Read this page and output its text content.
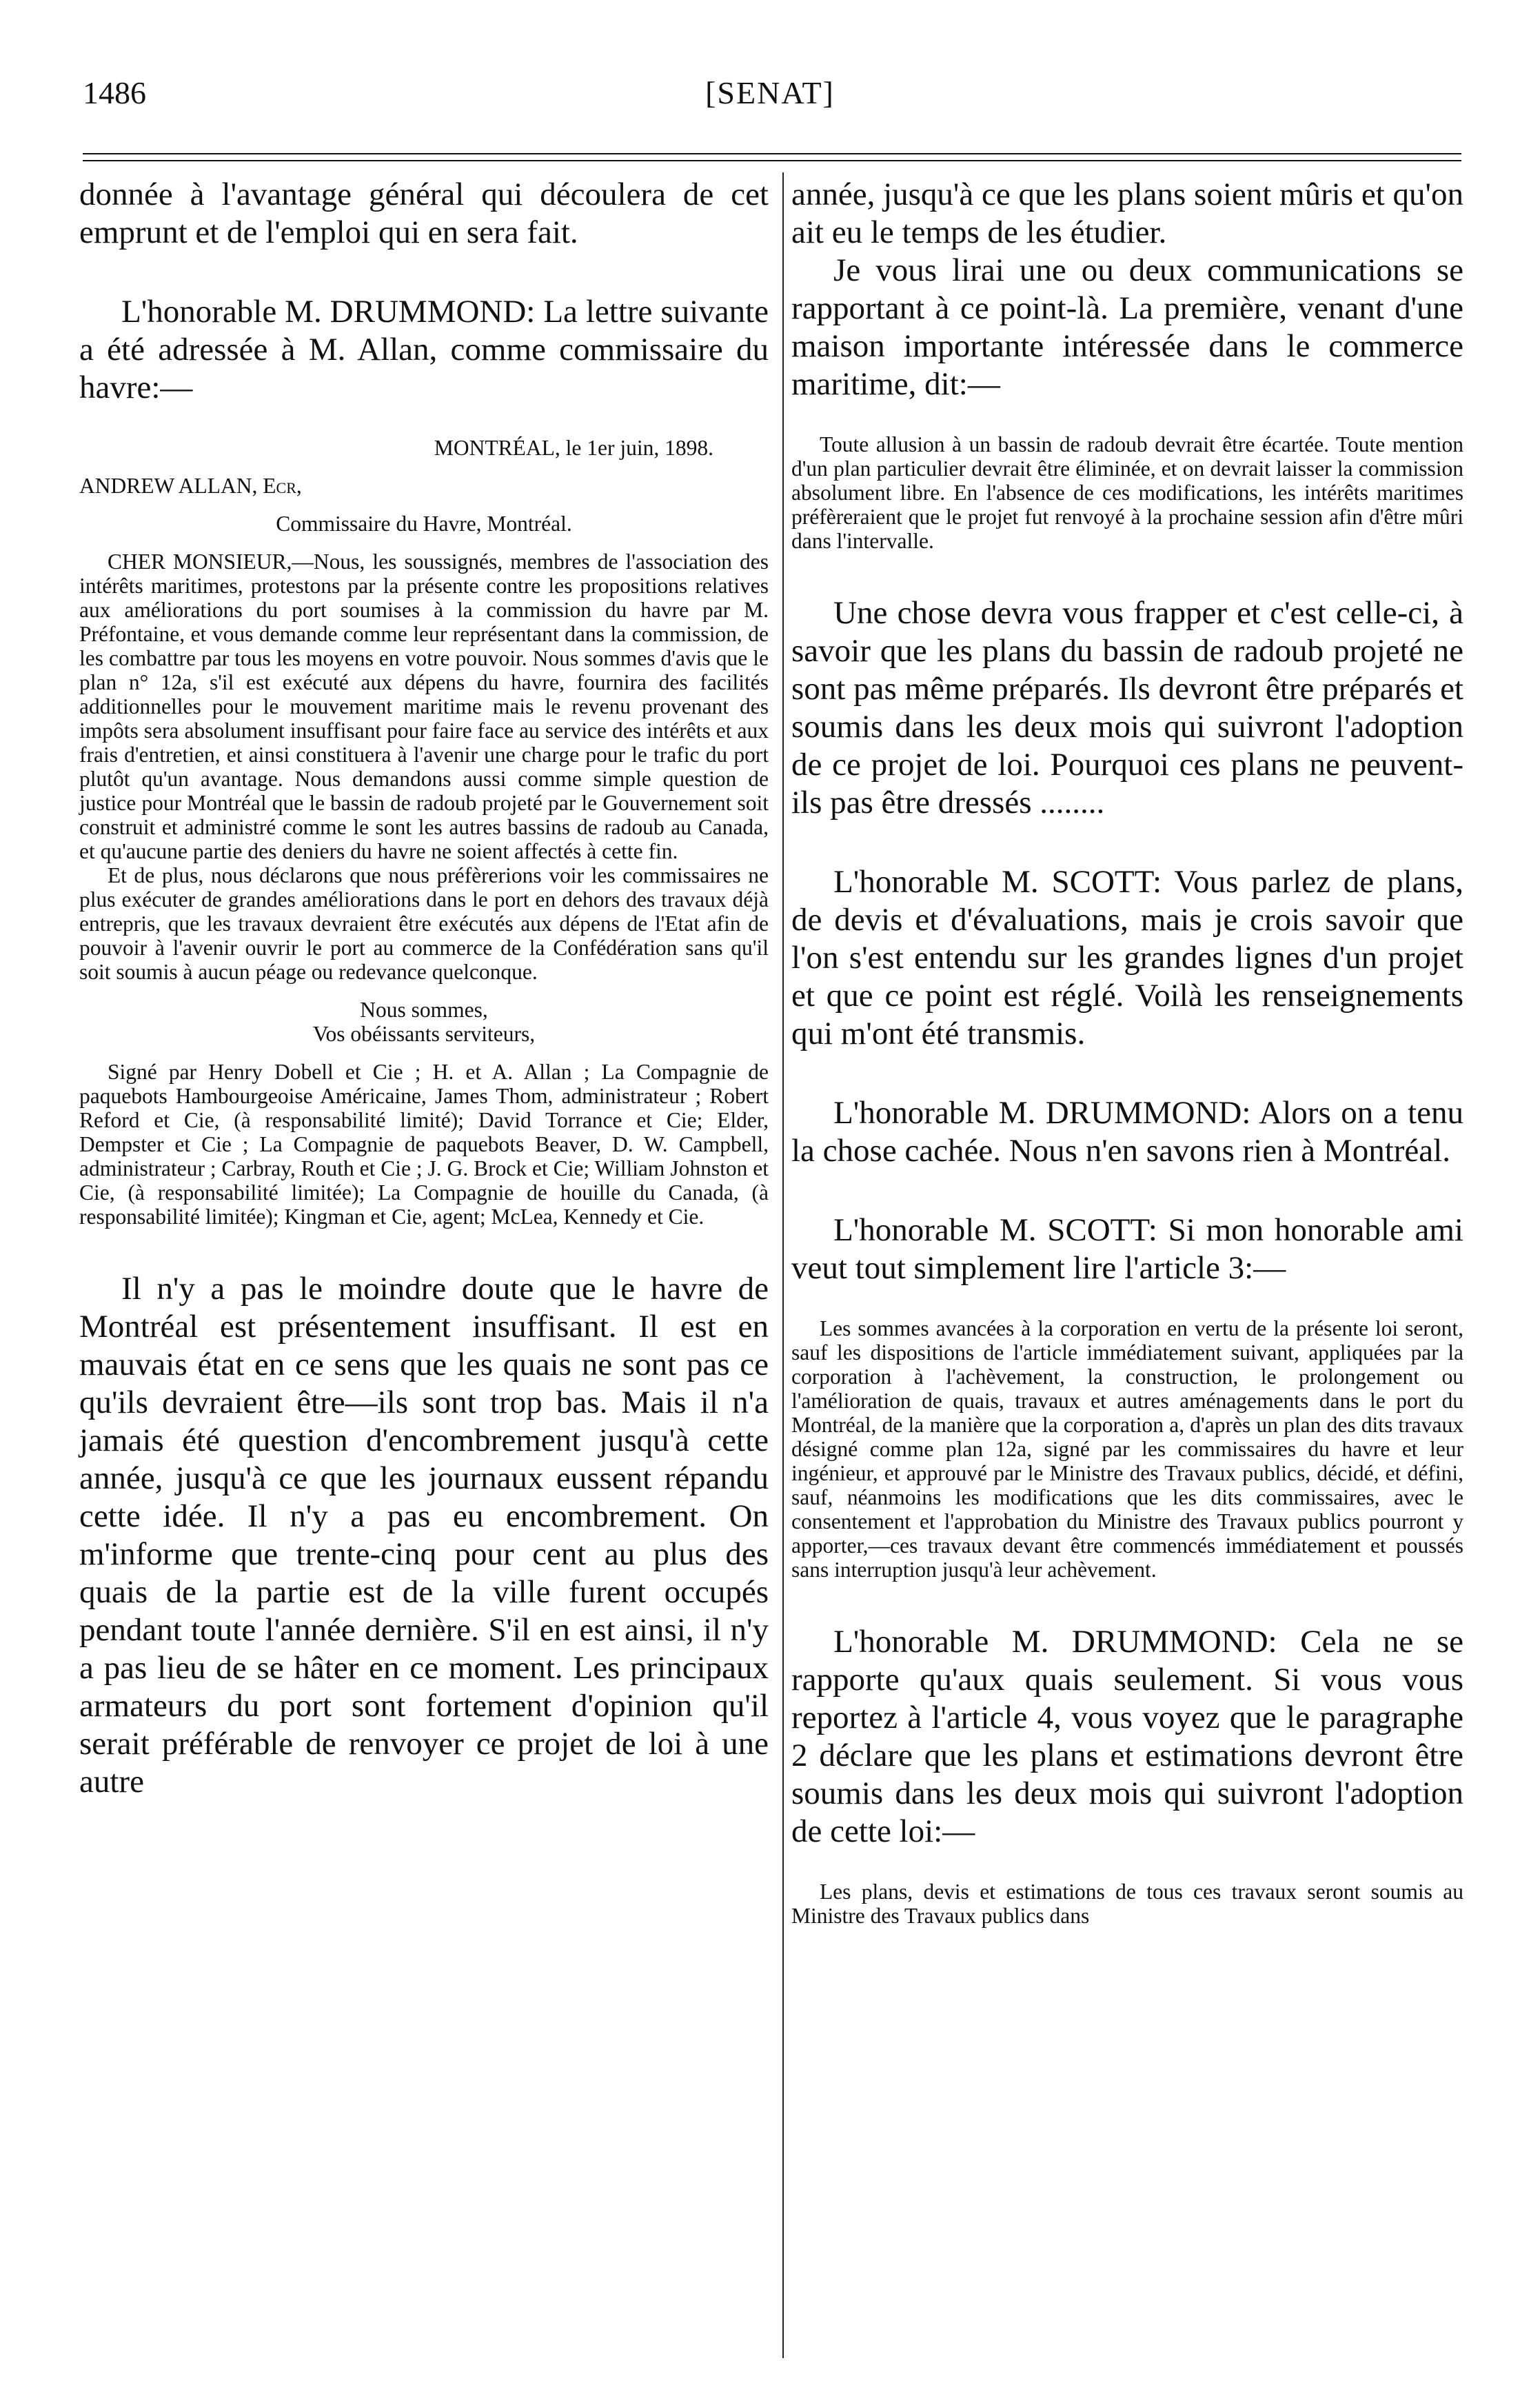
1486	[SENAT]

donnée à l'avantage général qui découlera de cet emprunt et de l'emploi qui en sera fait.

L'honorable M. DRUMMOND: La lettre suivante a été adressée à M. Allan, comme commissaire du havre:—

MONTRÉAL, le 1er juin, 1898.

ANDREW ALLAN, Ecr,

Commissaire du Havre, Montréal.

CHER MONSIEUR,—Nous, les soussignés, membres de l'association des intérêts maritimes, protestons par la présente contre les propositions relatives aux améliorations du port soumises à la commission du havre par M. Préfontaine, et vous demande comme leur représentant dans la commission, de les combattre par tous les moyens en votre pouvoir. Nous sommes d'avis que le plan n° 12a, s'il est exécuté aux dépens du havre, fournira des facilités additionnelles pour le mouvement maritime mais le revenu provenant des impôts sera absolument insuffisant pour faire face au service des intérêts et aux frais d'entretien, et ainsi constituera à l'avenir une charge pour le trafic du port plutôt qu'un avantage. Nous demandons aussi comme simple question de justice pour Montréal que le bassin de radoub projeté par le Gouvernement soit construit et administré comme le sont les autres bassins de radoub au Canada, et qu'aucune partie des deniers du havre ne soient affectés à cette fin.

Et de plus, nous déclarons que nous préfèrerions voir les commissaires ne plus exécuter de grandes améliorations dans le port en dehors des travaux déjà entrepris, que les travaux devraient être exécutés aux dépens de l'Etat afin de pouvoir à l'avenir ouvrir le port au commerce de la Confédération sans qu'il soit soumis à aucun péage ou redevance quelconque.

Nous sommes,

Vos obéissants serviteurs,

Signé par Henry Dobell et Cie ; H. et A. Allan ; La Compagnie de paquebots Hambourgeoise Américaine, James Thom, administrateur ; Robert Reford et Cie, (à responsabilité limité); David Torrance et Cie; Elder, Dempster et Cie ; La Compagnie de paquebots Beaver, D. W. Campbell, administrateur ; Carbray, Routh et Cie ; J. G. Brock et Cie; William Johnston et Cie, (à responsabilité limitée); La Compagnie de houille du Canada, (à responsabilité limitée); Kingman et Cie, agent; McLea, Kennedy et Cie.

Il n'y a pas le moindre doute que le havre de Montréal est présentement insuffisant. Il est en mauvais état en ce sens que les quais ne sont pas ce qu'ils devraient être—ils sont trop bas. Mais il n'a jamais été question d'encombrement jusqu'à cette année, jusqu'à ce que les journaux eussent répandu cette idée. Il n'y a pas eu encombrement. On m'informe que trente-cinq pour cent au plus des quais de la partie est de la ville furent occupés pendant toute l'année dernière. S'il en est ainsi, il n'y a pas lieu de se hâter en ce moment. Les principaux armateurs du port sont fortement d'opinion qu'il serait préférable de renvoyer ce projet de loi à une autre

année, jusqu'à ce que les plans soient mûris et qu'on ait eu le temps de les étudier.

Je vous lirai une ou deux communications se rapportant à ce point-là. La première, venant d'une maison importante intéressée dans le commerce maritime, dit:—

Toute allusion à un bassin de radoub devrait être écartée. Toute mention d'un plan particulier devrait être éliminée, et on devrait laisser la commission absolument libre. En l'absence de ces modifications, les intérêts maritimes préfèreraient que le projet fut renvoyé à la prochaine session afin d'être mûri dans l'intervalle.

Une chose devra vous frapper et c'est celle-ci, à savoir que les plans du bassin de radoub projeté ne sont pas même préparés. Ils devront être préparés et soumis dans les deux mois qui suivront l'adoption de ce projet de loi. Pourquoi ces plans ne peuvent-ils pas être dressés ........

L'honorable M. SCOTT: Vous parlez de plans, de devis et d'évaluations, mais je crois savoir que l'on s'est entendu sur les grandes lignes d'un projet et que ce point est réglé. Voilà les renseignements qui m'ont été transmis.

L'honorable M. DRUMMOND: Alors on a tenu la chose cachée. Nous n'en savons rien à Montréal.

L'honorable M. SCOTT: Si mon honorable ami veut tout simplement lire l'article 3:—

Les sommes avancées à la corporation en vertu de la présente loi seront, sauf les dispositions de l'article immédiatement suivant, appliquées par la corporation à l'achèvement, la construction, le prolongement ou l'amélioration de quais, travaux et autres aménagements dans le port du Montréal, de la manière que la corporation a, d'après un plan des dits travaux désigné comme plan 12a, signé par les commissaires du havre et leur ingénieur, et approuvé par le Ministre des Travaux publics, décidé, et défini, sauf, néanmoins les modifications que les dits commissaires, avec le consentement et l'approbation du Ministre des Travaux publics pourront y apporter,—ces travaux devant être commencés immédiatement et poussés sans interruption jusqu'à leur achèvement.

L'honorable M. DRUMMOND: Cela ne se rapporte qu'aux quais seulement. Si vous vous reportez à l'article 4, vous voyez que le paragraphe 2 déclare que les plans et estimations devront être soumis dans les deux mois qui suivront l'adoption de cette loi:—

Les plans, devis et estimations de tous ces travaux seront soumis au Ministre des Travaux publics dans
